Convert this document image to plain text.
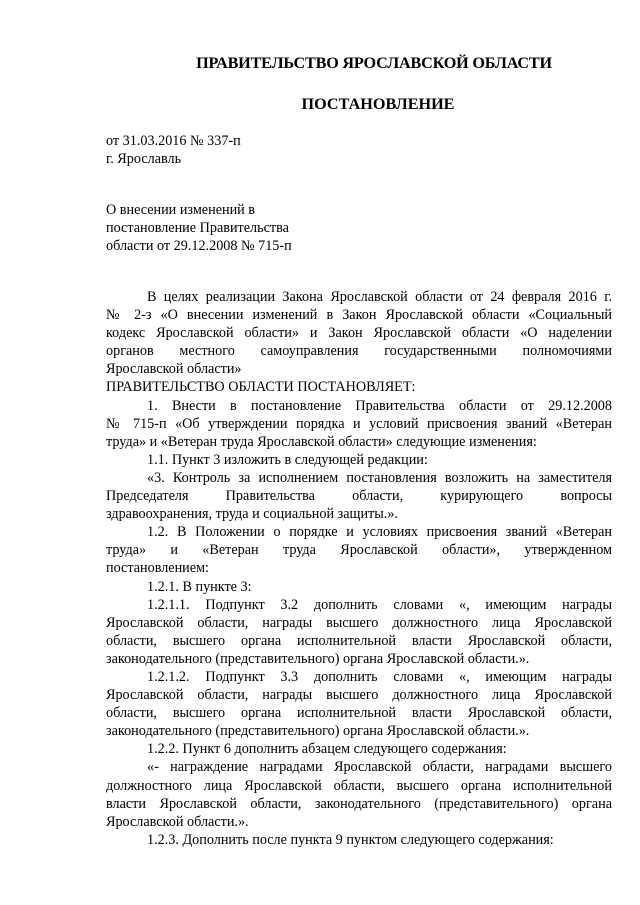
ПРАВИТЕЛЬСТВО ЯРОСЛАВСКОЙ ОБЛАСТИ
ПОСТАНОВЛЕНИЕ
от 31.03.2016 № 337-п
г. Ярославль
О внесении изменений в
постановление Правительства
области от 29.12.2008 № 715-п
В целях реализации Закона Ярославской области от 24 февраля 2016 г.
№ 2-з «О внесении изменений в Закон Ярославской области «Социальный
кодекс Ярославской области» и Закон Ярославской области «О наделении
органов местного самоуправления государственными полномочиями
Ярославской области»
ПРАВИТЕЛЬСТВО ОБЛАСТИ ПОСТАНОВЛЯЕТ:
1. Внести в постановление Правительства области от 29.12.2008
№ 715-п «Об утверждении порядка и условий присвоения званий «Ветеран
труда» и «Ветеран труда Ярославской области» следующие изменения:
1.1. Пункт 3 изложить в следующей редакции:
«3. Контроль за исполнением постановления возложить на заместителя
Председателя Правительства области, курирующего вопросы
здравоохранения, труда и социальной защиты.».
1.2. В Положении о порядке и условиях присвоения званий «Ветеран
труда» и «Ветеран труда Ярославской области», утвержденном
постановлением:
1.2.1. В пункте 3:
1.2.1.1. Подпункт 3.2 дополнить словами «, имеющим награды
Ярославской области, награды высшего должностного лица Ярославской
области, высшего органа исполнительной власти Ярославской области,
законодательного (представительного) органа Ярославской области.».
1.2.1.2. Подпункт 3.3 дополнить словами «, имеющим награды
Ярославской области, награды высшего должностного лица Ярославской
области, высшего органа исполнительной власти Ярославской области,
законодательного (представительного) органа Ярославской области.».
1.2.2. Пункт 6 дополнить абзацем следующего содержания:
«- награждение наградами Ярославской области, наградами высшего
должностного лица Ярославской области, высшего органа исполнительной
власти Ярославской области, законодательного (представительного) органа
Ярославской области.».
1.2.3. Дополнить после пункта 9 пунктом следующего содержания:
